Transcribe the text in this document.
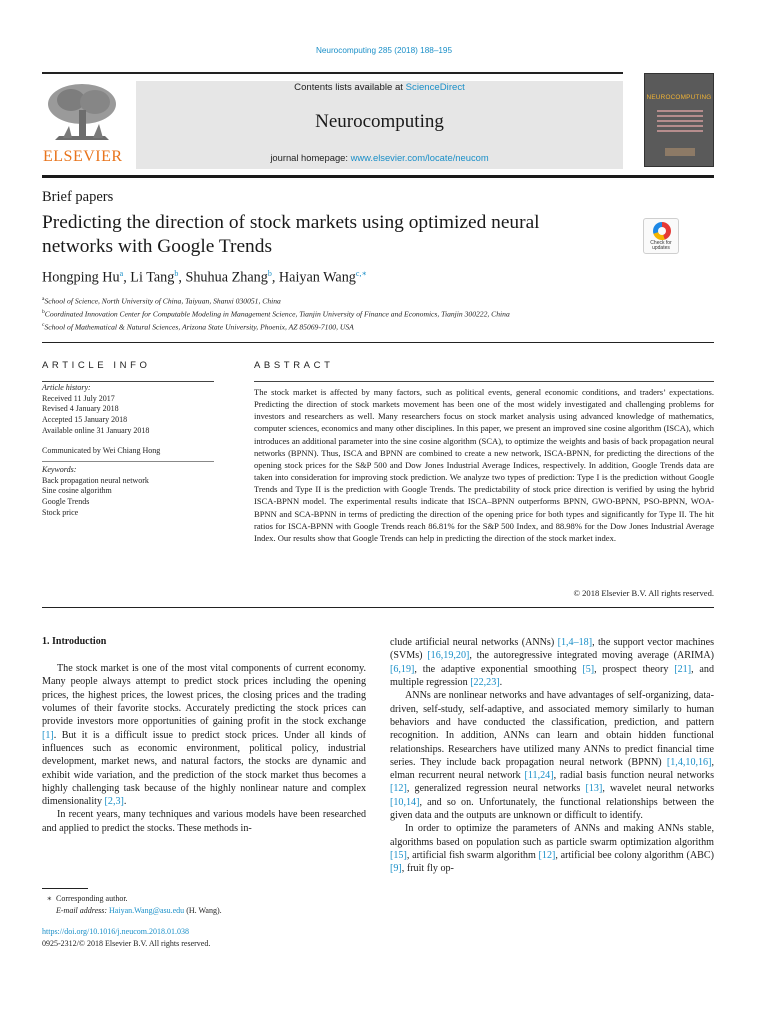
Neurocomputing 285 (2018) 188–195
ELSEVIER
Contents lists available at ScienceDirect
Neurocomputing
journal homepage: www.elsevier.com/locate/neucom
NEUROCOMPUTING
Brief papers
Predicting the direction of stock markets using optimized neural networks with Google Trends	Check for updates
Hongping Hu$^a$, Li Tang$^b$, Shuhua Zhang$^b$, Haiyan Wang$^{c,∗}$
$^a$School of Science, North University of China, Taiyuan, Shanxi 030051, China
$^b$Coordinated Innovation Center for Computable Modeling in Management Science, Tianjin University of Finance and Economics, Tianjin 300222, China
$^c$School of Mathematical & Natural Sciences, Arizona State University, Phoenix, AZ 85069-7100, USA
ARTICLE INFO	ABSTRACT
Article history:
Received 11 July 2017
Revised 4 January 2018
Accepted 15 January 2018
Available online 31 January 2018
Communicated by Wei Chiang Hong
Keywords:
Back propagation neural network
Sine cosine algorithm
Google Trends
Stock price
The stock market is affected by many factors, such as political events, general economic conditions, and traders’ expectations. Predicting the direction of stock markets movement has been one of the most widely investigated and challenging problems for investors and researchers as well. Many researchers focus on stock market analysis using advanced knowledge of mathematics, computer sciences, economics and many other disciplines. In this paper, we present an improved sine cosine algorithm (ISCA), which introduces an additional parameter into the sine cosine algorithm (SCA), to optimize the weights and basis of back propagation neural networks (BPNN). Thus, ISCA and BPNN are combined to create a new network, ISCA-BPNN, for predicting the directions of the opening stock prices for the S&P 500 and Dow Jones Industrial Average Indices, respectively. In addition, Google Trends data are taken into consideration for improving stock prediction. We analyze two types of prediction: Type I is the prediction without Google Trends and Type II is the prediction with Google Trends. The predictability of stock price direction is verified by using the hybrid ISCA-BPNN model. The experimental results indicate that ISCA–BPNN outperforms BPNN, GWO-BPNN, PSO-BPNN, WOA-BPNN and SCA-BPNN in terms of predicting the direction of the opening price for both types and significantly for Type II. The hit ratios for ISCA-BPNN with Google Trends reach 86.81% for the S&P 500 Index, and 88.98% for the Dow Jones Industrial Average Index. Our results show that Google Trends can help in predicting the direction of the stock market index.
© 2018 Elsevier B.V. All rights reserved.
1. Introduction

The stock market is one of the most vital components of current economy. Many people always attempt to predict stock prices including the opening prices, the highest prices, the lowest prices, the closing prices and the trading volumes of their favorite stocks. Accurately predicting the stock prices can provide investors more opportunities of gaining profit in the stock exchange [1]. But it is a difficult issue to predict stock prices. Under all kinds of influences such as economic environment, political policy, industrial development, market news, and natural factors, the stocks are dynamic and exhibit wide variation, and the prediction of the stock market thus becomes a highly challenging task because of the highly nonlinear nature and complex dimensionality [2,3].

In recent years, many techniques and various models have been researched and applied to predict the stocks. These methods in-

clude artificial neural networks (ANNs) [1,4–18], the support vector machines (SVMs) [16,19,20], the autoregressive integrated moving average (ARIMA) [6,19], the adaptive exponential smoothing [5], prospect theory [21], and multiple regression [22,23].

ANNs are nonlinear networks and have advantages of self-organizing, data-driven, self-study, self-adaptive, and associated memory similarly to human behaviors and have conducted the classification, prediction, and pattern recognition. In addition, ANNs can learn and obtain hidden functional relationships. Researchers have utilized many ANNs to predict financial time series. They include back propagation neural network (BPNN) [1,4,10,16], elman recurrent neural network [11,24], radial basis function neural networks [12], generalized regression neural networks [13], wavelet neural networks [10,14], and so on. Unfortunately, the functional relationships between the given data and the outputs are unknown or difficult to identify.

In order to optimize the parameters of ANNs and making ANNs stable, algorithms based on population such as particle swarm optimization algorithm [15], artificial fish swarm algorithm [12], artificial bee colony algorithm (ABC) [9], fruit fly op-

∗ Corresponding author.
E-mail address: Haiyan.Wang@asu.edu (H. Wang).
https://doi.org/10.1016/j.neucom.2018.01.038
0925-2312/© 2018 Elsevier B.V. All rights reserved.
